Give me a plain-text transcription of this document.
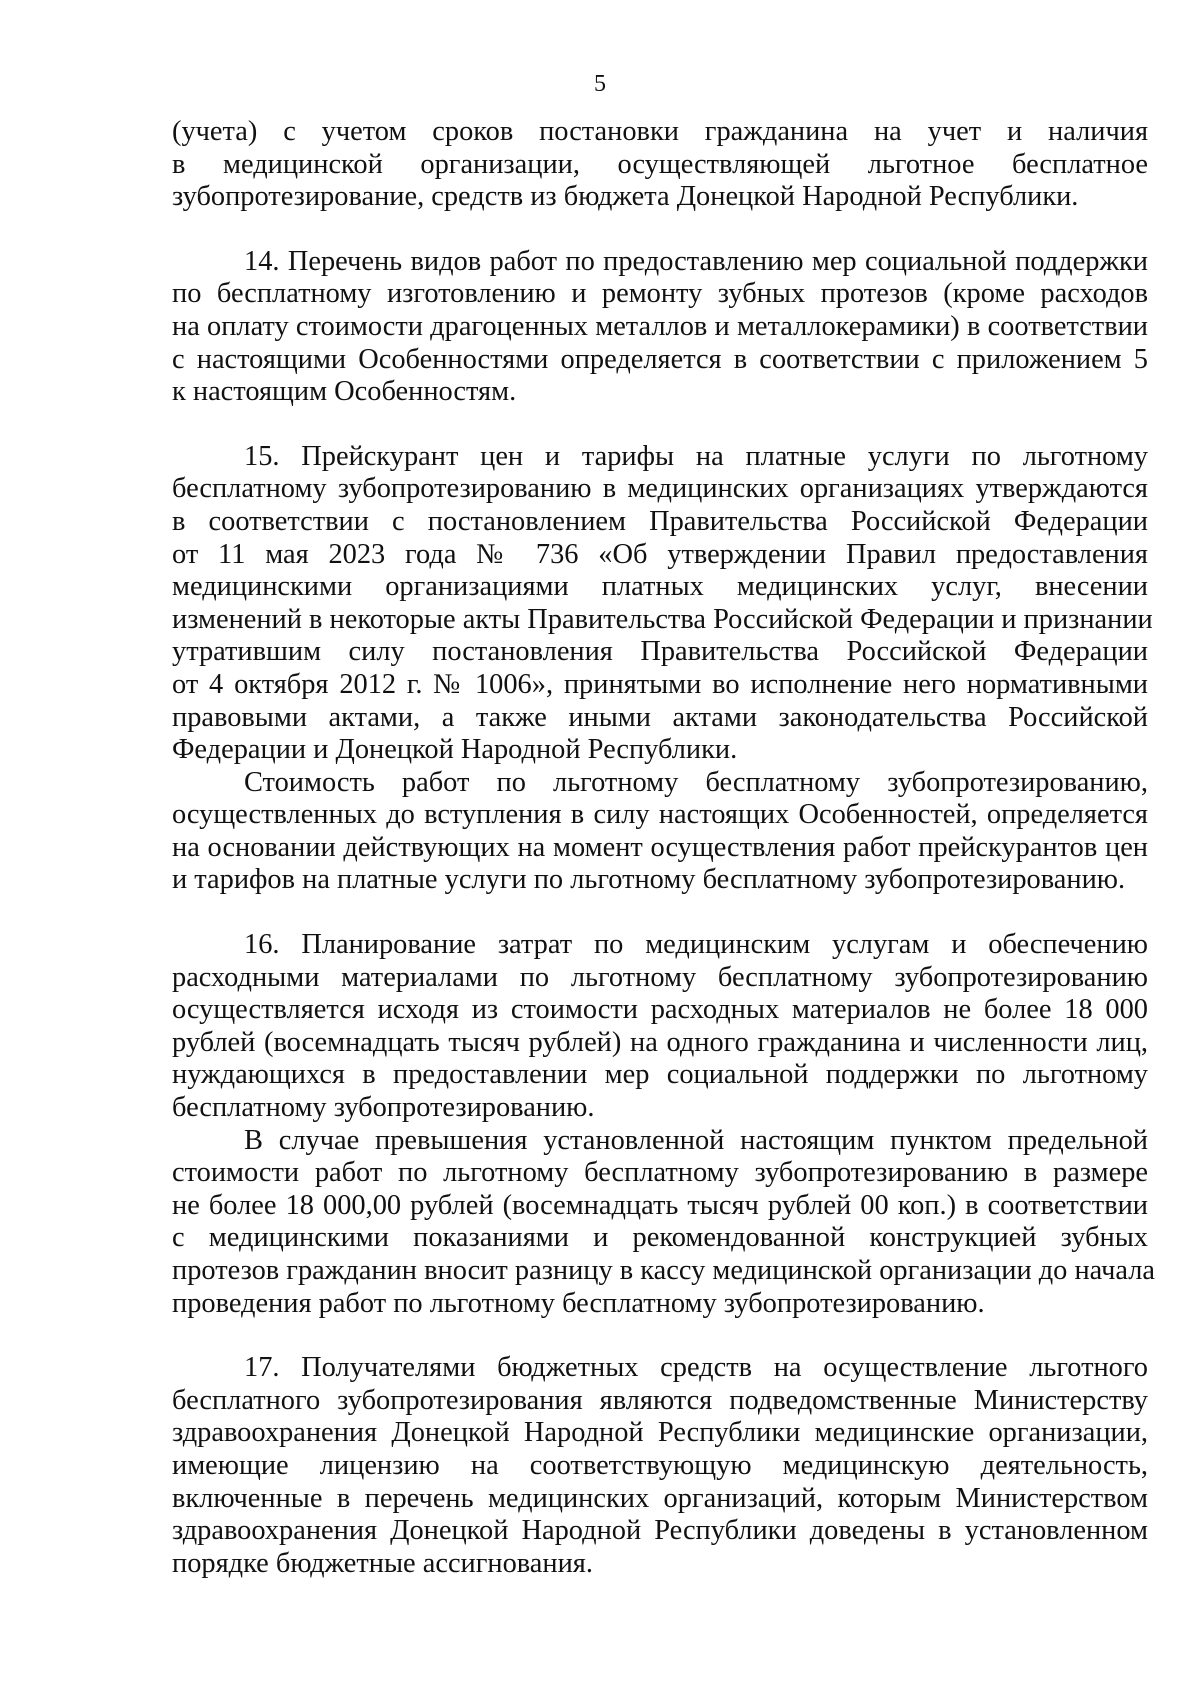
5

(учета) с учетом сроков постановки гражданина на учет и наличия
в медицинской организации, осуществляющей льготное бесплатное
зубопротезирование, средств из бюджета Донецкой Народной Республики.

14. Перечень видов работ по предоставлению мер социальной поддержки
по бесплатному изготовлению и ремонту зубных протезов (кроме расходов
на оплату стоимости драгоценных металлов и металлокерамики) в соответствии
с настоящими Особенностями определяется в соответствии с приложением 5
к настоящим Особенностям.

15. Прейскурант цен и тарифы на платные услуги по льготному
бесплатному зубопротезированию в медицинских организациях утверждаются
в соответствии с постановлением Правительства Российской Федерации
от 11 мая 2023 года № 736 «Об утверждении Правил предоставления
медицинскими организациями платных медицинских услуг, внесении
изменений в некоторые акты Правительства Российской Федерации и признании
утратившим силу постановления Правительства Российской Федерации
от 4 октября 2012 г. № 1006», принятыми во исполнение него нормативными
правовыми актами, а также иными актами законодательства Российской
Федерации и Донецкой Народной Республики.

Стоимость работ по льготному бесплатному зубопротезированию,
осуществленных до вступления в силу настоящих Особенностей, определяется
на основании действующих на момент осуществления работ прейскурантов цен
и тарифов на платные услуги по льготному бесплатному зубопротезированию.

16. Планирование затрат по медицинским услугам и обеспечению
расходными материалами по льготному бесплатному зубопротезированию
осуществляется исходя из стоимости расходных материалов не более 18 000
рублей (восемнадцать тысяч рублей) на одного гражданина и численности лиц,
нуждающихся в предоставлении мер социальной поддержки по льготному
бесплатному зубопротезированию.

В случае превышения установленной настоящим пунктом предельной
стоимости работ по льготному бесплатному зубопротезированию в размере
не более 18 000,00 рублей (восемнадцать тысяч рублей 00 коп.) в соответствии
с медицинскими показаниями и рекомендованной конструкцией зубных
протезов гражданин вносит разницу в кассу медицинской организации до начала
проведения работ по льготному бесплатному зубопротезированию.

17. Получателями бюджетных средств на осуществление льготного
бесплатного зубопротезирования являются подведомственные Министерству
здравоохранения Донецкой Народной Республики медицинские организации,
имеющие лицензию на соответствующую медицинскую деятельность,
включенные в перечень медицинских организаций, которым Министерством
здравоохранения Донецкой Народной Республики доведены в установленном
порядке бюджетные ассигнования.
